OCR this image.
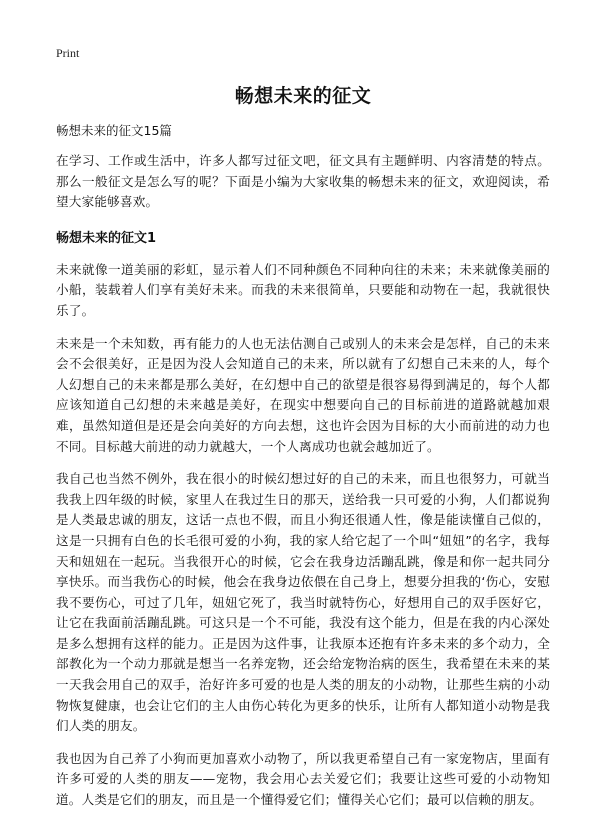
Print
畅想未来的征文
畅想未来的征文15篇

在学习、工作或生活中，许多人都写过征文吧，征文具有主题鲜明、内容清楚的特点。那么一般征文是怎么写的呢？下面是小编为大家收集的畅想未来的征文，欢迎阅读，希望大家能够喜欢。

畅想未来的征文1

未来就像一道美丽的彩虹，显示着人们不同种颜色不同种向往的未来；未来就像美丽的小船，装载着人们享有美好未来。而我的未来很简单，只要能和动物在一起，我就很快乐了。

未来是一个未知数，再有能力的人也无法估测自己或别人的未来会是怎样，自己的未来会不会很美好，正是因为没人会知道自己的未来，所以就有了幻想自己未来的人，每个人幻想自己的未来都是那么美好，在幻想中自己的欲望是很容易得到满足的，每个人都应该知道自己幻想的未来越是美好，在现实中想要向自己的目标前进的道路就越加艰难，虽然知道但是还是会向美好的方向去想，这也许会因为目标的大小而前进的动力也不同。目标越大前进的动力就越大，一个人离成功也就会越加近了。

我自己也当然不例外，我在很小的时候幻想过好的自己的未来，而且也很努力，可就当我我上四年级的时候，家里人在我过生日的那天，送给我一只可爱的小狗，人们都说狗是人类最忠诚的朋友，这话一点也不假，而且小狗还很通人性，像是能读懂自己似的，这是一只拥有白色的长毛很可爱的小狗，我的家人给它起了一个叫“妞妞”的名字，我每天和妞妞在一起玩。当我很开心的时候，它会在我身边活蹦乱跳，像是和你一起共同分享快乐。而当我伤心的时候，他会在我身边依偎在自己身上，想要分担我的‘伤心，安慰我不要伤心，可过了几年，妞妞它死了，我当时就特伤心，好想用自己的双手医好它，让它在我面前活蹦乱跳。可这只是一个不可能，我没有这个能力，但是在我的内心深处是多么想拥有这样的能力。正是因为这件事，让我原本还抱有许多未来的多个动力，全部教化为一个动力那就是想当一名养宠物，还会给宠物治病的医生，我希望在未来的某一天我会用自己的双手，治好许多可爱的也是人类的朋友的小动物，让那些生病的小动物恢复健康，也会让它们的主人由伤心转化为更多的快乐，让所有人都知道小动物是我们人类的朋友。

我也因为自己养了小狗而更加喜欢小动物了，所以我更希望自己有一家宠物店，里面有许多可爱的人类的朋友——宠物，我会用心去关爱它们；我要让这些可爱的小动物知道。人类是它们的朋友，而且是一个懂得爱它们；懂得关心它们；最可以信赖的朋友。
